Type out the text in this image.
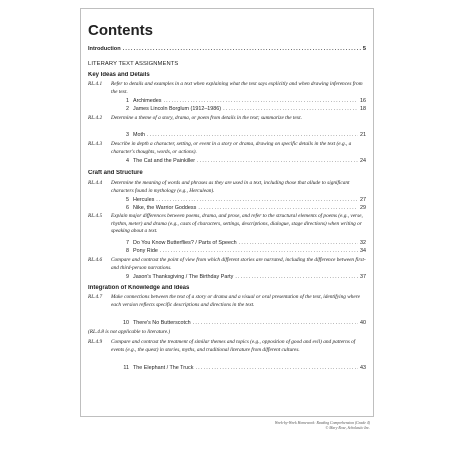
Contents
Introduction .....	5
LITERARY TEXT ASSIGNMENTS
Key Ideas and Details
RL.4.1 Refer to details and examples in a text when explaining what the text says explicitly and when drawing inferences from the text.
1 Archimedes .....	16
2 James Lincoln Borglum (1912–1986) .....	18
RL.4.2 Determine a theme of a story, drama, or poem from details in the text; summarize the text.
3 Moth .....	21
RL.4.3 Describe in depth a character, setting, or event in a story or drama, drawing on specific details in the text (e.g., a character's thoughts, words, or actions).
4 The Cat and the Painkiller .....	24
Craft and Structure
RL.4.4 Determine the meaning of words and phrases as they are used in a text, including those that allude to significant characters found in mythology (e.g., Herculean).
5 Hercules .....	27
6 Nike, the Warrior Goddess .....	29
RL.4.5 Explain major differences between poems, drama, and prose, and refer to the structural elements of poems (e.g., verse, rhythm, meter) and drama (e.g., casts of characters, settings, descriptions, dialogue, stage directions) when writing or speaking about a text.
7 Do You Know Butterflies? / Parts of Speech .....	32
8 Pony Ride .....	34
RL.4.6 Compare and contrast the point of view from which different stories are narrated, including the difference between first- and third-person narrations.
9 Jason's Thanksgiving / The Birthday Party .....	37
Integration of Knowledge and Ideas
RL.4.7 Make connections between the text of a story or drama and a visual or oral presentation of the text, identifying where each version reflects specific descriptions and directions in the text.
10 There's No Butterscotch .....	40
(RL.4.8 is not applicable to literature.)
RL.4.9 Compare and contrast the treatment of similar themes and topics (e.g., opposition of good and evil) and patterns of events (e.g., the quest) in stories, myths, and traditional literature from different cultures.
11 The Elephant / The Truck .....	43
Week-by-Week Homework: Reading Comprehension (Grade 4)
© Mary Rose, Scholastic Inc.
